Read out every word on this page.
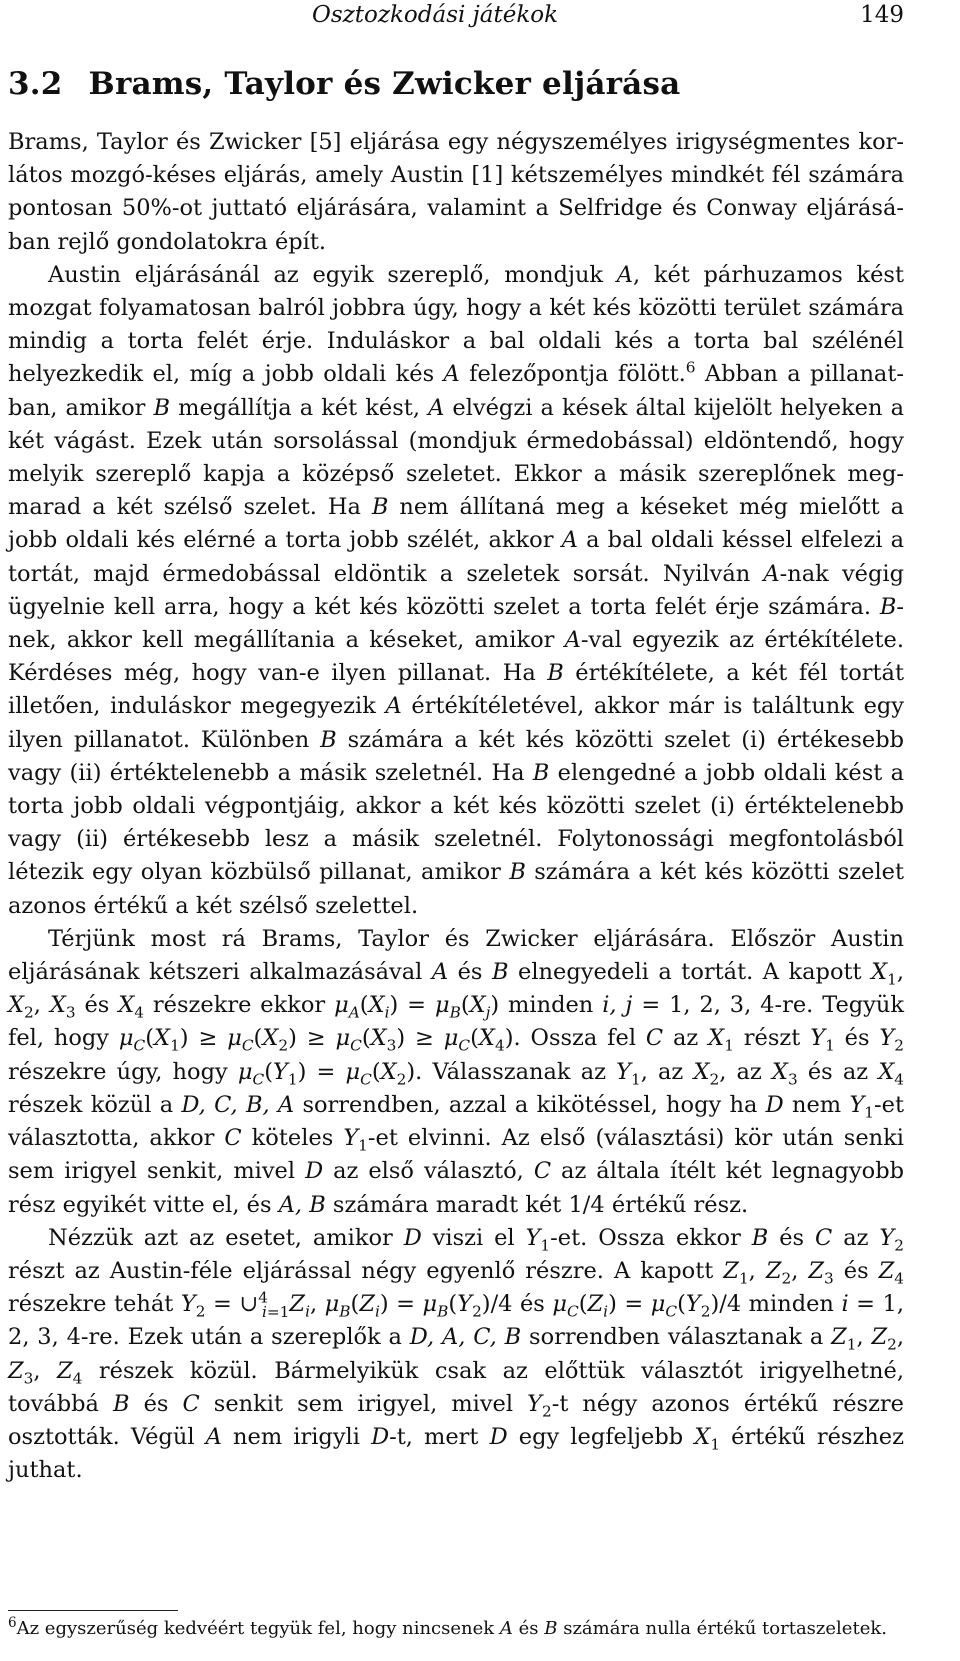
Osztozkodási játékok	149
3.2 Brams, Taylor és Zwicker eljárása

Brams, Taylor és Zwicker [5] eljárása egy négyszemélyes irigységmentes korlátos mozgó-késes eljárás, amely Austin [1] kétszemélyes mindkét fél számára pontosan 50%-ot juttató eljárására, valamint a Selfridge és Conway eljárásában rejlő gondolatokra épít.

Austin eljárásánál az egyik szereplő, mondjuk A, két párhuzamos kést mozgat folyamatosan balról jobbra úgy, hogy a két kés közötti terület számára mindig a torta felét érje. Induláskor a bal oldali kés a torta bal szélénél helyezkedik el, míg a jobb oldali kés A felezőpontja fölött.$^6$ Abban a pillanatban, amikor B megállítja a két kést, A elvégzi a kések által kijelölt helyeken a két vágást. Ezek után sorsolással (mondjuk érmedobással) eldöntendő, hogy melyik szereplő kapja a középső szeletet. Ekkor a másik szereplőnek megmarad a két szélső szelet. Ha B nem állítaná meg a késeket még mielőtt a jobb oldali kés elérné a torta jobb szélét, akkor A a bal oldali késsel elfelezi a tortát, majd érmedobással eldöntik a szeletek sorsát. Nyilván A-nak végig ügyelnie kell arra, hogy a két kés közötti szelet a torta felét érje számára. B-nek, akkor kell megállítania a késeket, amikor A-val egyezik az értékítélete. Kérdéses még, hogy van-e ilyen pillanat. Ha B értékítélete, a két fél tortát illetően, induláskor megegyezik A értékítéletével, akkor már is találtunk egy ilyen pillanatot. Különben B számára a két kés közötti szelet (i) értékesebb vagy (ii) értéktelenebb a másik szeletnél. Ha B elengedné a jobb oldali kést a torta jobb oldali végpontjáig, akkor a két kés közötti szelet (i) értéktelenebb vagy (ii) értékesebb lesz a másik szeletnél. Folytonossági megfontolásból létezik egy olyan közbülső pillanat, amikor B számára a két kés közötti szelet azonos értékű a két szélső szelettel.

Térjünk most rá Brams, Taylor és Zwicker eljárására. Először Austin eljárásának kétszeri alkalmazásával A és B elnegyedeli a tortát. A kapott $X_1$, $X_2$, $X_3$ és $X_4$ részekre ekkor $\mu_A(X_i) = \mu_B(X_j)$ minden i, j = 1, 2, 3, 4-re. Tegyük fel, hogy $\mu_C(X_1) \ge \mu_C(X_2) \ge \mu_C(X_3) \ge \mu_C(X_4)$. Ossza fel C az $X_1$ részt $Y_1$ és $Y_2$ részekre úgy, hogy $\mu_C(Y_1) = \mu_C(X_2)$. Válasszanak az $Y_1$, az $X_2$, az $X_3$ és az $X_4$ részek közül a D, C, B, A sorrendben, azzal a kikötéssel, hogy ha D nem $Y_1-et$ választotta, akkor C köteles $Y_1-et$ elvinni. Az első (választási) kör után senki sem irigyel senkit, mivel D az első választó, C az általa ítélt két legnagyobb rész egyikét vitte el, és A, B számára maradt két 1/4 értékű rész.

Nézzük azt az esetet, amikor D viszi el $Y_1-et$. Ossza ekkor B és C az $Y_2$ részt az Austin-féle eljárással négy egyenlő részre. A kapott $Z_1$, $Z_2$, $Z_3$ és $Z_4$ részekre tehát $Y_2$ = $\cup^4_{i=1}Z_i$, $\mu_B(Z_i) = \mu_B(Y_2)/4$ és $\mu_C(Z_i) = \mu_C(Y_2)/4$ minden i = 1, 2, 3, 4-re. Ezek után a szereplők a D, A, C, B sorrendben választanak a $Z_1$, $Z_2$, $Z_3$, $Z_4$ részek közül. Bármelyikük csak az előttük választót irigyelhetné, továbbá B és C senkit sem irigyel, mivel $Y_2-t$ négy azonos értékű részre osztották. Végül A nem irigyli D-t, mert D egy legfeljebb $X_1$ értékű részhez juthat.

$^6$Az egyszerűség kedvéért tegyük fel, hogy nincsenek A és B számára nulla értékű tortaszeletek.
